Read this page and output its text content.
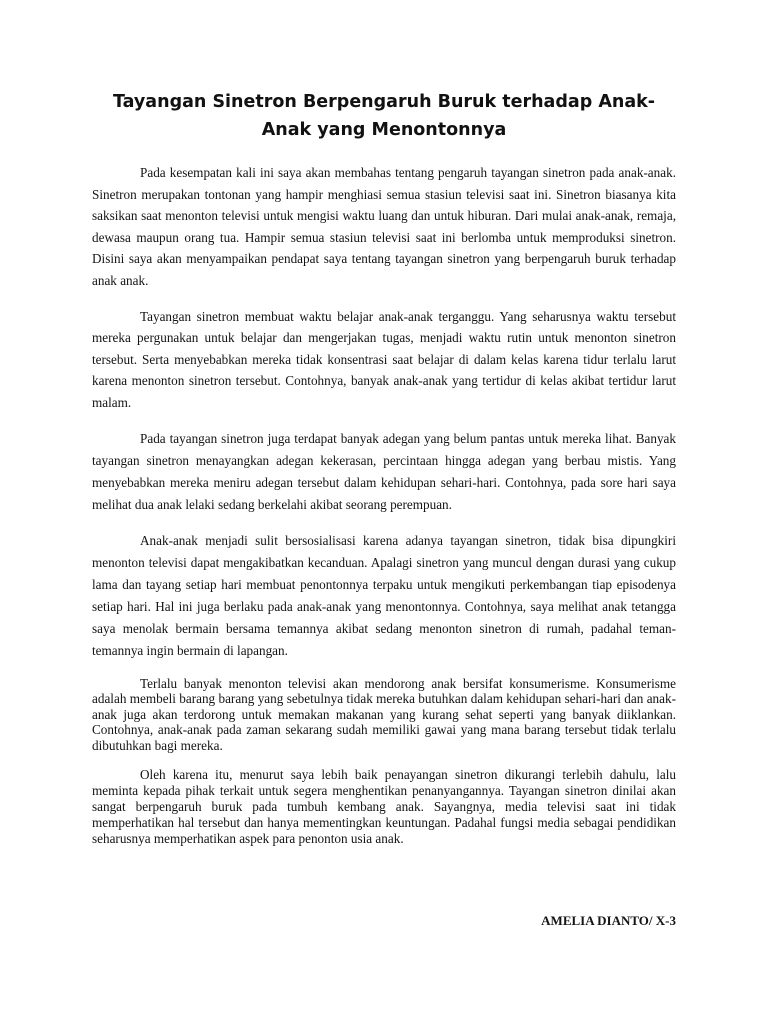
Tayangan Sinetron Berpengaruh Buruk terhadap Anak-Anak yang Menontonnya

Pada kesempatan kali ini saya akan membahas tentang pengaruh tayangan sinetron pada anak-anak. Sinetron merupakan tontonan yang hampir menghiasi semua stasiun televisi saat ini. Sinetron biasanya kita saksikan saat menonton televisi untuk mengisi waktu luang dan untuk hiburan. Dari mulai anak-anak, remaja, dewasa maupun orang tua. Hampir semua stasiun televisi saat ini berlomba untuk memproduksi sinetron. Disini saya akan menyampaikan pendapat saya tentang tayangan sinetron yang berpengaruh buruk terhadap anak anak.

Tayangan sinetron membuat waktu belajar anak-anak terganggu. Yang seharusnya waktu tersebut mereka pergunakan untuk belajar dan mengerjakan tugas, menjadi waktu rutin untuk menonton sinetron tersebut. Serta menyebabkan mereka tidak konsentrasi saat belajar di dalam kelas karena tidur terlalu larut karena menonton sinetron tersebut. Contohnya, banyak anak-anak yang tertidur di kelas akibat tertidur larut malam.

Pada tayangan sinetron juga terdapat banyak adegan yang belum pantas untuk mereka lihat. Banyak tayangan sinetron menayangkan adegan kekerasan, percintaan hingga adegan yang berbau mistis. Yang menyebabkan mereka meniru adegan tersebut dalam kehidupan sehari-hari. Contohnya, pada sore hari saya melihat dua anak lelaki sedang berkelahi akibat seorang perempuan.

Anak-anak menjadi sulit bersosialisasi karena adanya tayangan sinetron, tidak bisa dipungkiri menonton televisi dapat mengakibatkan kecanduan. Apalagi sinetron yang muncul dengan durasi yang cukup lama dan tayang setiap hari membuat penontonnya terpaku untuk mengikuti perkembangan tiap episodenya setiap hari. Hal ini juga berlaku pada anak-anak yang menontonnya. Contohnya, saya melihat anak tetangga saya menolak bermain bersama temannya akibat sedang menonton sinetron di rumah, padahal teman-temannya ingin bermain di lapangan.

Terlalu banyak menonton televisi akan mendorong anak bersifat konsumerisme. Konsumerisme adalah membeli barang barang yang sebetulnya tidak mereka butuhkan dalam kehidupan sehari-hari dan anak-anak juga akan terdorong untuk memakan makanan yang kurang sehat seperti yang banyak diiklankan. Contohnya, anak-anak pada zaman sekarang sudah memiliki gawai yang mana barang tersebut tidak terlalu dibutuhkan bagi mereka.

Oleh karena itu, menurut saya lebih baik penayangan sinetron dikurangi terlebih dahulu, lalu meminta kepada pihak terkait untuk segera menghentikan penanyangannya. Tayangan sinetron dinilai akan sangat berpengaruh buruk pada tumbuh kembang anak. Sayangnya, media televisi saat ini tidak memperhatikan hal tersebut dan hanya mementingkan keuntungan. Padahal fungsi media sebagai pendidikan seharusnya memperhatikan aspek para penonton usia anak.

AMELIA DIANTO/ X-3
